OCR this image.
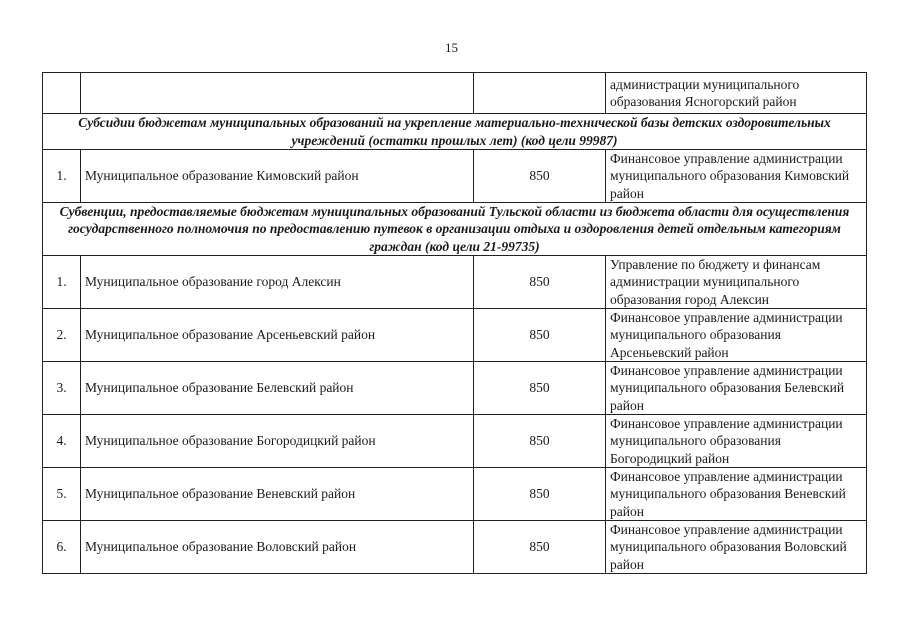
15
			администрации муниципального образования Ясногорский район
Субсидии бюджетам муниципальных образований на укрепление материально-технической базы детских оздоровительных учреждений (остатки прошлых лет) (код цели 99987)			
1.	Муниципальное образование Кимовский район	850	Финансовое управление администрации муниципального образования Кимовский район
Субвенции, предоставляемые бюджетам муниципальных образований Тульской области из бюджета области для осуществления государственного полномочия по предоставлению путевок в организации отдыха и оздоровления детей отдельным категориям граждан (код цели 21-99735)			
1.	Муниципальное образование город Алексин	850	Управление по бюджету и финансам администрации муниципального образования город Алексин
2.	Муниципальное образование Арсеньевский район	850	Финансовое управление администрации муниципального образования Арсеньевский район
3.	Муниципальное образование Белевский район	850	Финансовое управление администрации муниципального образования Белевский район
4.	Муниципальное образование Богородицкий район	850	Финансовое управление администрации муниципального образования Богородицкий район
5.	Муниципальное образование Веневский район	850	Финансовое управление администрации муниципального образования Веневский район
6.	Муниципальное образование Воловский район	850	Финансовое управление администрации муниципального образования Воловский район
